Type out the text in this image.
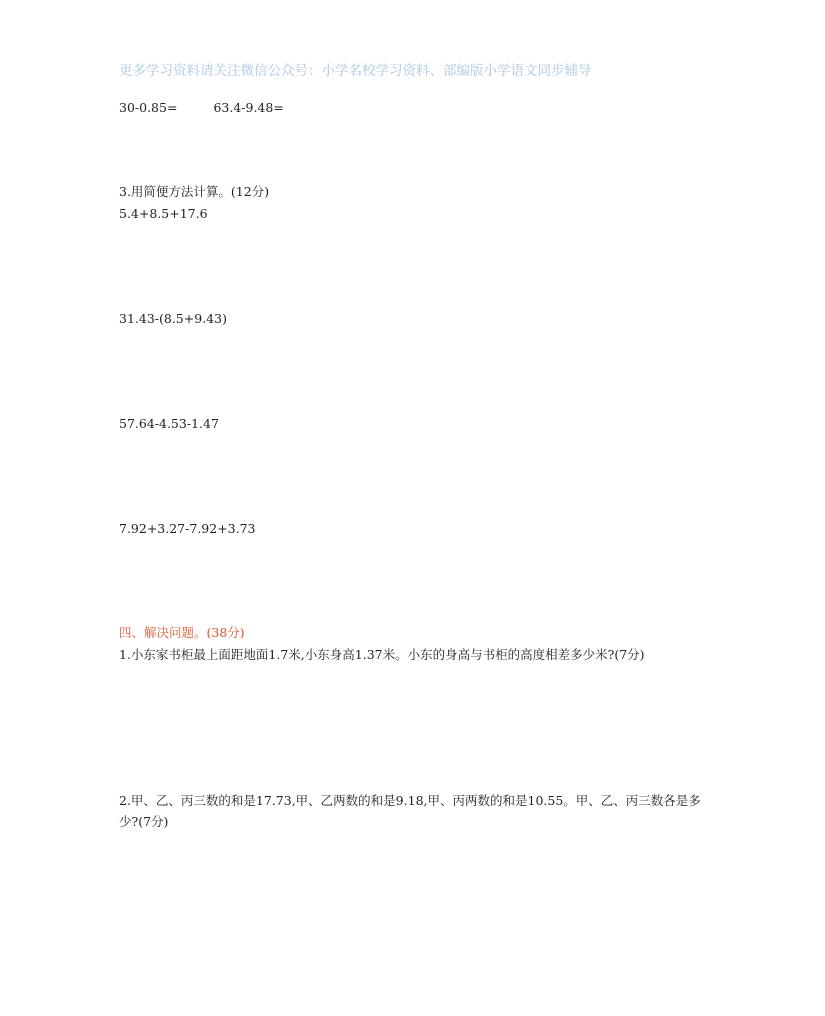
更多学习资料请关注微信公众号：小学名校学习资料、部编版小学语文同步辅导
30-0.85=	63.4-9.48=
3.用简便方法计算。(12分)
5.4+8.5+17.6
31.43-(8.5+9.43)
57.64-4.53-1.47
7.92+3.27-7.92+3.73
四、解决问题。(38分)
1.小东家书柜最上面距地面1.7米,小东身高1.37米。小东的身高与书柜的高度相差多少米?(7分)
2.甲、乙、丙三数的和是17.73,甲、乙两数的和是9.18,甲、丙两数的和是10.55。甲、乙、丙三数各是多少?(7分)
